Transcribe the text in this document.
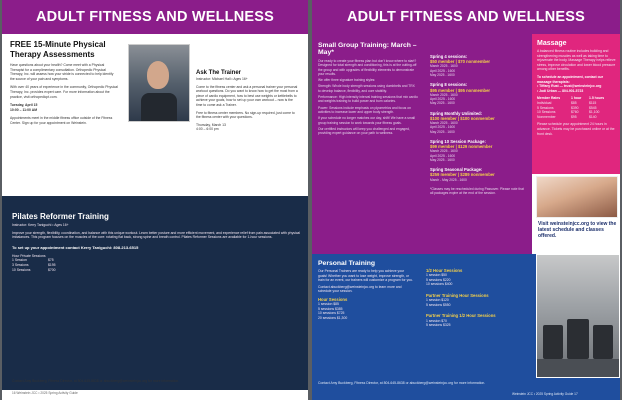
ADULT FITNESS AND WELLNESS
FREE 15-Minute Physical Therapy Assessments
Have questions about your health? Come meet with a Physical Therapist for a complimentary consultation. Orthopedic Physical Therapy, Inc. will assess how your stride is connected to help identify the source of your pain and symptoms.
With over 40 years of experience in the community, Orthopedic Physical Therapy, Inc. provides expert care. For more information about the practice, visit orthopedicpt.com.
Tuesday, April 15
10:00 – 11:00 AM
Appointments meet in the middle fitness office outside of the Fitness Center. Sign up for your appointment on Weinstein.
Ask The Trainer
Instructor: Michael Hall • Ages 16+
Come to the fitness center and ask a personal trainer your personal workout questions. Do you want to know how to get the most from a piece of cardio equipment, how to best use weights or kettlebells to achieve your goals, how to set up your own workout – now is the time to come ask a Trainer.
Free to fitness center members. No sign-up required, just come to the fitness center with your questions.
Thursday, March 13
4:00 – 6:00 pm
Pilates Reformer Training
Instructor: Kerry Taniguchi • Ages 16+
Improve your strength, flexibility, coordination, and balance with this unique workout. Learn better posture and more efficient movement, and experience relief from pain associated with physical imbalances. This program focuses on the muscles of the core: rotating flat back, strong spine and breath control. Pilates Reformer Sessions are available for 1-hour sessions.
To set up your appointment contact Kerry Taniguchi: 808-213-6515
Hour Private Sessions
1 Session	$75
3 Sessions	$195
10 Sessions	$700
Contact Amy Buckberg, Fitness Director, at 804-645-8638 or abuckberg@weinsteinjcc.org for more information.
16 Weinstein JCC • 2025 Spring Activity Guide
ADULT FITNESS AND WELLNESS
Small Group Training: March – May*
Our ready to create your fitness plan but don’t know where to start? Designed for total strength and conditioning, this is at the cutting-off the group and with upgrades of flexibility elements to demonstrate your results.
We offer three signature training styles:
Strength: Whole body strength sessions using dumbbells and TRX to develop balance, flexibility, and core stability.
Performance: High intensity interval training sessions that mix cardio and weights training to build power and burn calories.
Power: Sessions include emphasis on plyometrics and focus on activities to increase lower and upper body strength.
If your schedule no longer matches our day, shift! We have a small group training session to work towards your fitness goals.
Our certified instructors will keep you challenged and engaged, providing expert guidance on your path to wellness.
Spring 4 sessions:
$50 member | $70 nonmember
March 2025 - 1600
April 2025 - 1600
May 2025 - 1600
Spring 8 sessions:
$95 member | $95 nonmember
March 2025 - 1600
April 2025 - 1600
May 2025 - 1600
Spring Monthly Unlimited:
$100 member | $100 nonmember
March 2025 - 1600
April 2025 - 1600
May 2025 - 1600
Spring 10 Session Package:
$99 member | $129 nonmember
March 2025 - 1600
April 2025 - 1600
May 2025 - 1600
Spring Seasonal Package:
$259 member | $289 nonmember
March - May 2025 - 1600
*Classes may be rescheduled during Passover. Please note that all packages expire at the end of the session.
Massage
A balanced fitness routine includes building and strengthening muscles as well as taking time to rejuvenate the body. Massage Therapy helps relieve stress, improve circulation and lower blood pressure among other benefits.
To schedule an appointment, contact our massage therapists:
• Tiffany Rust — trust@weinsteinjcc.org
• Jodi Urban — 804-901-5723
Member Rates	1 hour 1.5 hours
Individual	$85	$115
5 Sessions	$390	$545
10 Sessions	$760	$1,100
Nonmember	$95	$140
Please schedule your appointment 24 hours in advance. Tickets may be purchased online or at the front desk.
Visit weinsteinjcc.org to view the latest schedule and classes offered.
Personal Training
Our Personal Trainers are ready to help you achieve your goals! Whether you want to lose weight, improve strength, or train for an event, our trainers will customize a program for you.
Contact abuckberg@weinsteinjcc.org to learn more and schedule your session.
Hour Sessions
1 session $85
5 sessions $385
10 sessions $725
20 sessions $1,300
1/2 Hour Sessions
1 session $50
5 sessions $220
10 sessions $400
Partner Training Hour Sessions
1 session $120
5 sessions $550
Partner Training 1/2 Hour Sessions
1 session $70
5 sessions $325
Contact Amy Buckberg, Fitness Director, at 804-645-8638 or abuckberg@weinsteinjcc.org for more information.
Weinstein JCC • 2025 Spring Activity Guide 17
